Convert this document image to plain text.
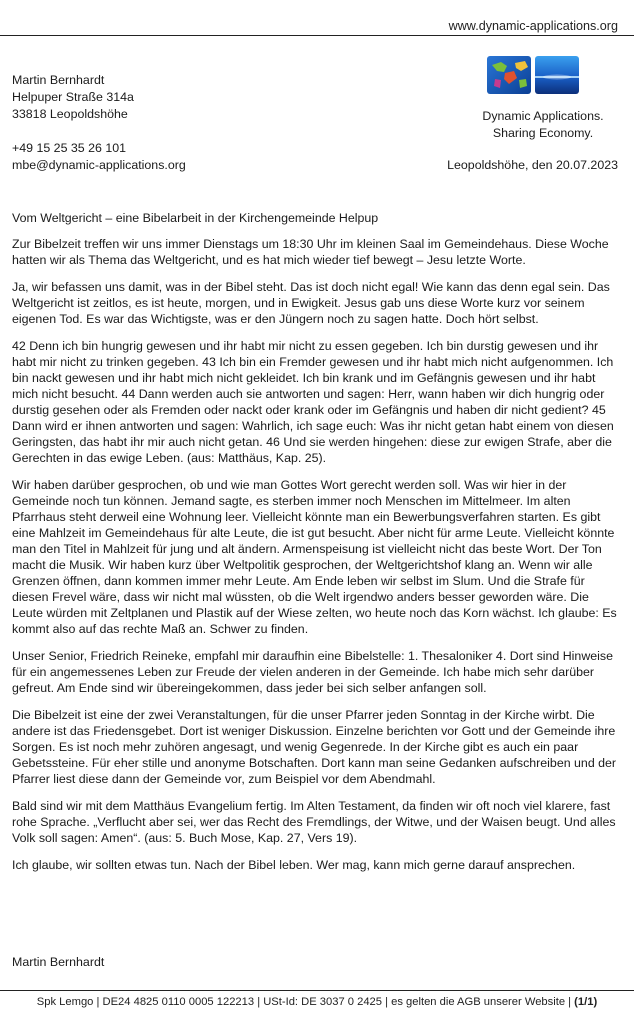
www.dynamic-applications.org
Martin Bernhardt
Helpuper Straße 314a
33818 Leopoldshöhe
+49 15 25 35 26 101
mbe@dynamic-applications.org
Dynamic Applications.
Sharing Economy.
Leopoldshöhe, den 20.07.2023

Vom Weltgericht – eine Bibelarbeit in der Kirchengemeinde Helpup

Zur Bibelzeit treffen wir uns immer Dienstags um 18:30 Uhr im kleinen Saal im Gemeindehaus. Diese Woche hatten wir als Thema das Weltgericht, und es hat mich wieder tief bewegt – Jesu letzte Worte.

Ja, wir befassen uns damit, was in der Bibel steht. Das ist doch nicht egal! Wie kann das denn egal sein. Das Weltgericht ist zeitlos, es ist heute, morgen, und in Ewigkeit. Jesus gab uns diese Worte kurz vor seinem eigenen Tod. Es war das Wichtigste, was er den Jüngern noch zu sagen hatte. Doch hört selbst.

42 Denn ich bin hungrig gewesen und ihr habt mir nicht zu essen gegeben. Ich bin durstig gewesen und ihr habt mir nicht zu trinken gegeben. 43 Ich bin ein Fremder gewesen und ihr habt mich nicht aufgenommen. Ich bin nackt gewesen und ihr habt mich nicht gekleidet. Ich bin krank und im Gefängnis gewesen und ihr habt mich nicht besucht. 44 Dann werden auch sie antworten und sagen: Herr, wann haben wir dich hungrig oder durstig gesehen oder als Fremden oder nackt oder krank oder im Gefängnis und haben dir nicht gedient? 45 Dann wird er ihnen antworten und sagen: Wahrlich, ich sage euch: Was ihr nicht getan habt einem von diesen Geringsten, das habt ihr mir auch nicht getan. 46 Und sie werden hingehen: diese zur ewigen Strafe, aber die Gerechten in das ewige Leben. (aus: Matthäus, Kap. 25).

Wir haben darüber gesprochen, ob und wie man Gottes Wort gerecht werden soll. Was wir hier in der Gemeinde noch tun können. Jemand sagte, es sterben immer noch Menschen im Mittelmeer. Im alten Pfarrhaus steht derweil eine Wohnung leer. Vielleicht könnte man ein Bewerbungsverfahren starten. Es gibt eine Mahlzeit im Gemeindehaus für alte Leute, die ist gut besucht. Aber nicht für arme Leute. Vielleicht könnte man den Titel in Mahlzeit für jung und alt ändern. Armenspeisung ist vielleicht nicht das beste Wort. Der Ton macht die Musik. Wir haben kurz über Weltpolitik gesprochen, der Weltgerichtshof klang an. Wenn wir alle Grenzen öffnen, dann kommen immer mehr Leute. Am Ende leben wir selbst im Slum. Und die Strafe für diesen Frevel wäre, dass wir nicht mal wüssten, ob die Welt irgendwo anders besser geworden wäre. Die Leute würden mit Zeltplanen und Plastik auf der Wiese zelten, wo heute noch das Korn wächst. Ich glaube: Es kommt also auf das rechte Maß an. Schwer zu finden.

Unser Senior, Friedrich Reineke, empfahl mir daraufhin eine Bibelstelle: 1. Thesaloniker 4. Dort sind Hinweise für ein angemessenes Leben zur Freude der vielen anderen in der Gemeinde. Ich habe mich sehr darüber gefreut. Am Ende sind wir übereingekommen, dass jeder bei sich selber anfangen soll.

Die Bibelzeit ist eine der zwei Veranstaltungen, für die unser Pfarrer jeden Sonntag in der Kirche wirbt. Die andere ist das Friedensgebet. Dort ist weniger Diskussion. Einzelne berichten vor Gott und der Gemeinde ihre Sorgen. Es ist noch mehr zuhören angesagt, und wenig Gegenrede. In der Kirche gibt es auch ein paar Gebetssteine. Für eher stille und anonyme Botschaften. Dort kann man seine Gedanken aufschreiben und der Pfarrer liest diese dann der Gemeinde vor, zum Beispiel vor dem Abendmahl.

Bald sind wir mit dem Matthäus Evangelium fertig. Im Alten Testament, da finden wir oft noch viel klarere, fast rohe Sprache. „Verflucht aber sei, wer das Recht des Fremdlings, der Witwe, und der Waisen beugt. Und alles Volk soll sagen: Amen“. (aus: 5. Buch Mose, Kap. 27, Vers 19).

Ich glaube, wir sollten etwas tun. Nach der Bibel leben. Wer mag, kann mich gerne darauf ansprechen.

Martin Bernhardt
Spk Lemgo | DE24 4825 0110 0005 122213 | USt-Id: DE 3037 0 2425 | es gelten die AGB unserer Website | (1/1)
